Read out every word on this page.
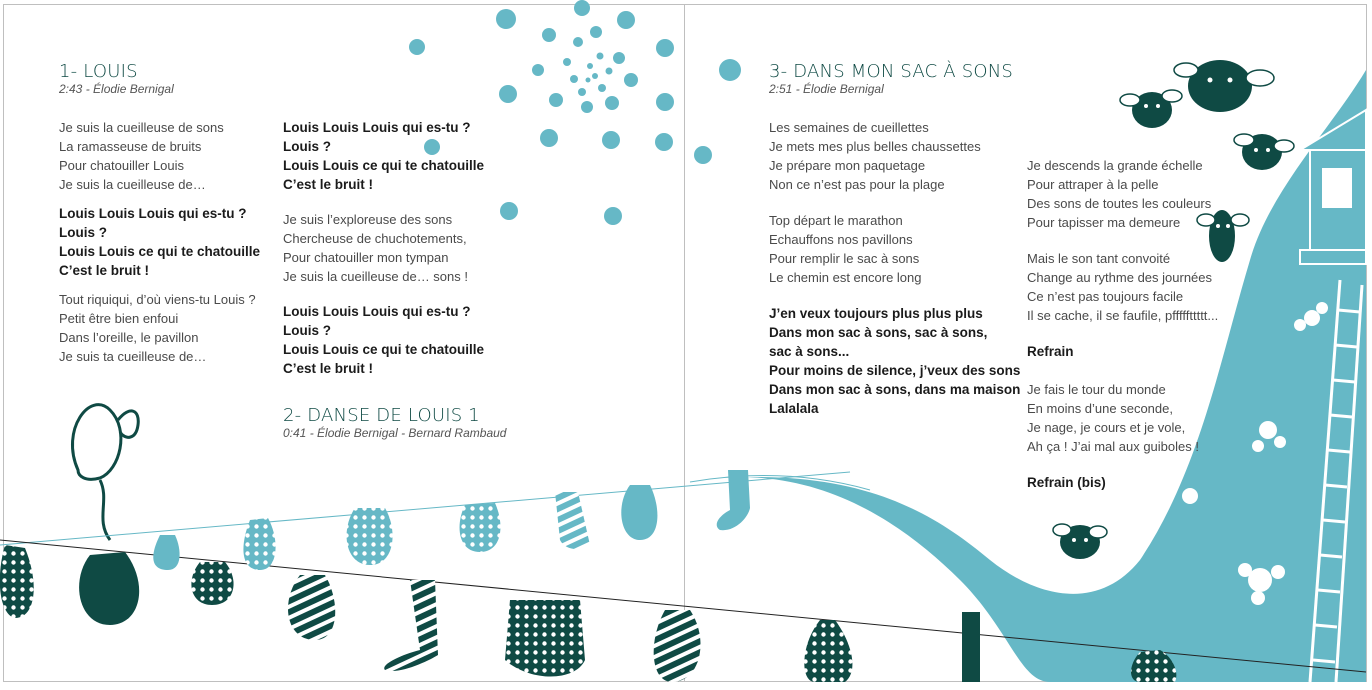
1- LOUIS
2:43 - Élodie Bernigal
Je suis la cueilleuse de sons
La ramasseuse de bruits
Pour chatouiller Louis
Je suis la cueilleuse de…
Louis Louis Louis qui es-tu ?
Louis ?
Louis Louis ce qui te chatouille
C’est le bruit !
Tout riquiqui, d’où viens-tu Louis ?
Petit être bien enfoui
Dans l’oreille, le pavillon
Je suis ta cueilleuse de…
Louis Louis Louis qui es-tu ?
Louis ?
Louis Louis ce qui te chatouille
C’est le bruit !
Je suis l’exploreuse des sons
Chercheuse de chuchotements,
Pour chatouiller mon tympan
Je suis la cueilleuse de… sons !
Louis Louis Louis qui es-tu ?
Louis ?
Louis Louis ce qui te chatouille
C’est le bruit !
2- DANSE DE LOUIS 1
0:41 - Élodie Bernigal - Bernard Rambaud
3- DANS MON SAC À SONS
2:51 - Élodie Bernigal
Les semaines de cueillettes
Je mets mes plus belles chaussettes
Je prépare mon paquetage
Non ce n’est pas pour la plage
Top départ le marathon
Echauffons nos pavillons
Pour remplir le sac à sons
Le chemin est encore long
J’en veux toujours plus plus plus
Dans mon sac à sons, sac à sons,
sac à sons...
Pour moins de silence, j’veux des sons
Dans mon sac à sons, dans ma maison
Lalalala
Je descends la grande échelle
Pour attraper à la pelle
Des sons de toutes les couleurs
Pour tapisser ma demeure
Mais le son tant convoité
Change au rythme des journées
Ce n’est pas toujours facile
Il se cache, il se faufile, pfffffttttt...
Refrain
Je fais le tour du monde
En moins d’une seconde,
Je nage, je cours et je vole,
Ah ça ! J’ai mal aux guiboles !
Refrain (bis)
